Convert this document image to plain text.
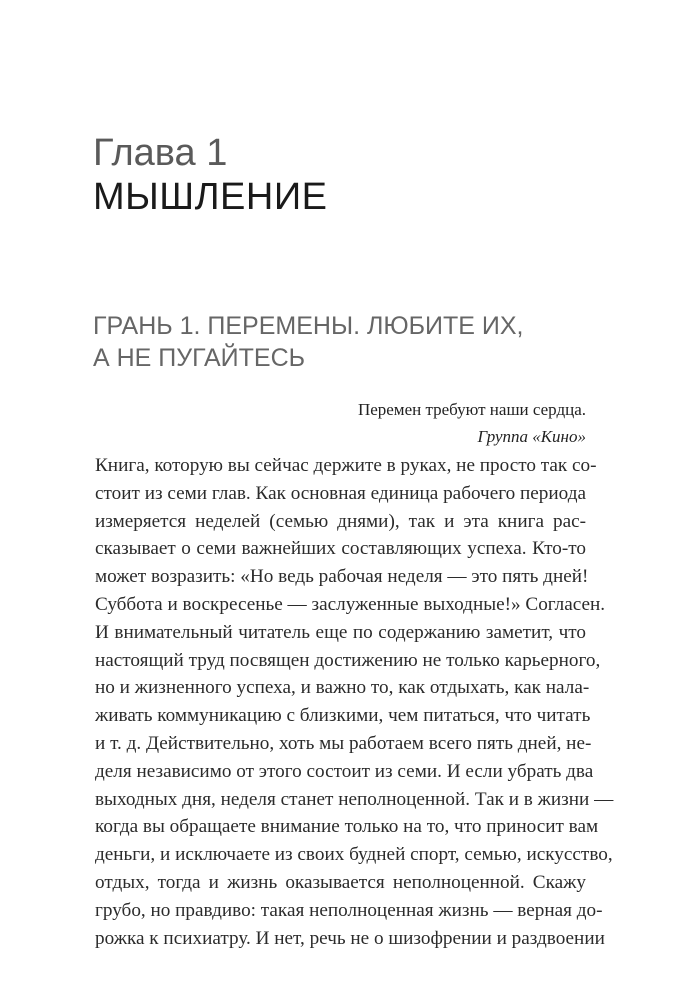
Глава 1
МЫШЛЕНИЕ
ГРАНЬ 1. ПЕРЕМЕНЫ. ЛЮБИТЕ ИХ,
А НЕ ПУГАЙТЕСЬ
Перемен требуют наши сердца.
Группа «Кино»
Книга, которую вы сейчас держите в руках, не просто так со-
стоит из семи глав. Как основная единица рабочего периода
измеряется неделей (семью днями), так и эта книга рас-
сказывает о семи важнейших составляющих успеха. Кто-то
может возразить: «Но ведь рабочая неделя — это пять дней!
Суббота и воскресенье — заслуженные выходные!» Согласен.
И внимательный читатель еще по содержанию заметит, что
настоящий труд посвящен достижению не только карьерного,
но и жизненного успеха, и важно то, как отдыхать, как нала-
живать коммуникацию с близкими, чем питаться, что читать
и т. д. Действительно, хоть мы работаем всего пять дней, не-
деля независимо от этого состоит из семи. И если убрать два
выходных дня, неделя станет неполноценной. Так и в жизни —
когда вы обращаете внимание только на то, что приносит вам
деньги, и исключаете из своих будней спорт, семью, искусство,
отдых, тогда и жизнь оказывается неполноценной. Скажу
грубо, но правдиво: такая неполноценная жизнь — верная до-
рожка к психиатру. И нет, речь не о шизофрении и раздвоении
